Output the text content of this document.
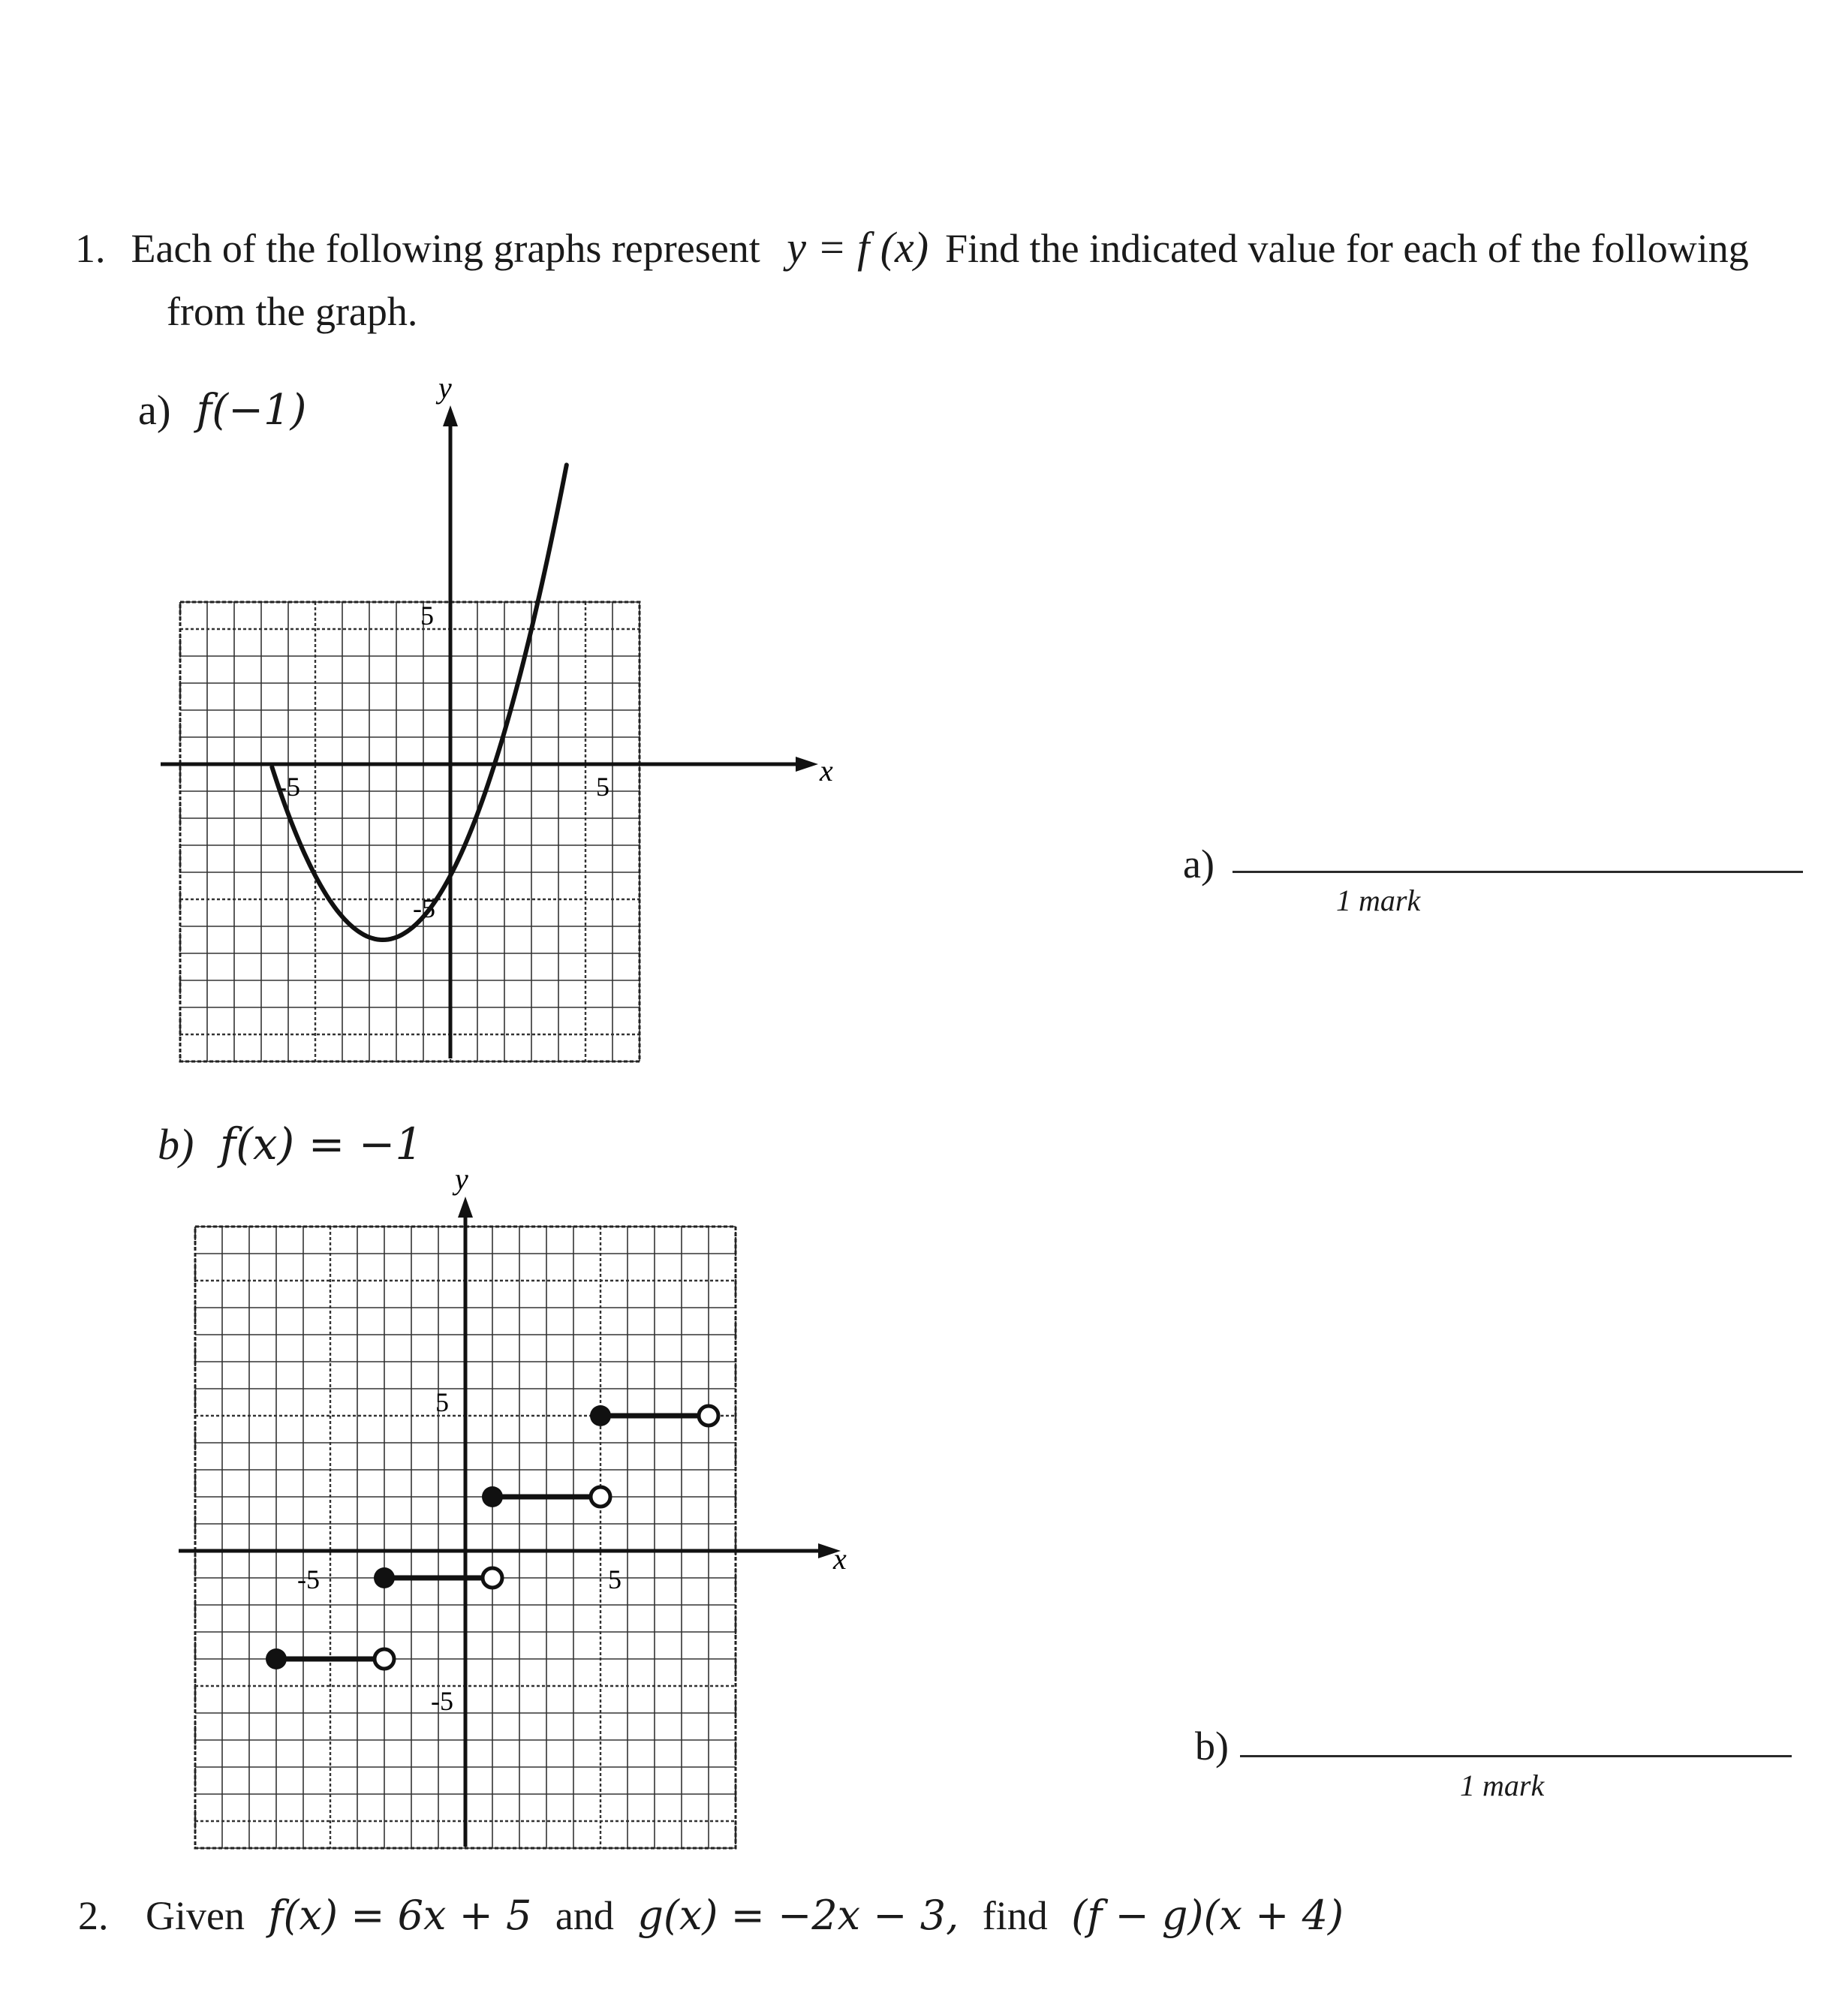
1. Each of the following graphs represent y = f (x) Find the indicated value for each of the following
from the graph.
a) f(−1)
x
y
-5	5
5
-5
a)
1 mark
b) f(x) = −1
x
y
-5	5
5
-5
b)
1 mark
2. Given f(x) = 6x + 5 and g(x) = −2x − 3, find (f − g)(x + 4)
